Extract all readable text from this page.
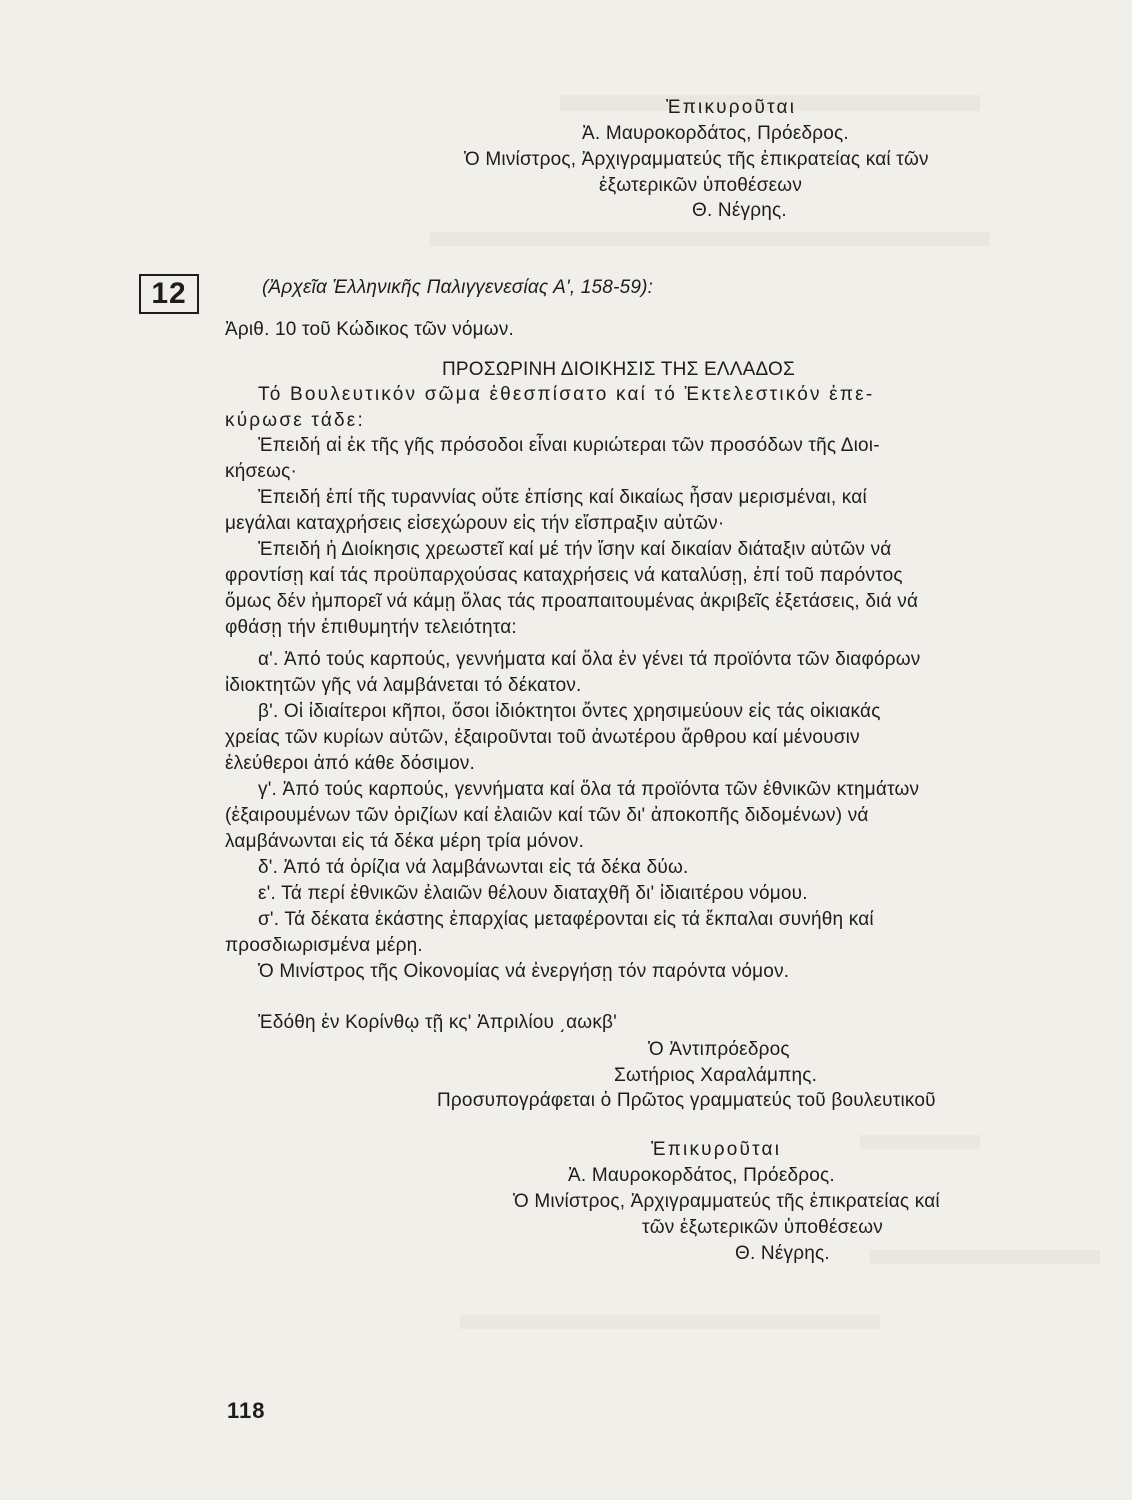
Ἐπικυροῦται
Ἀ. Μαυροκορδάτος, Πρόεδρος.
Ὁ Μινίστρος, Ἀρχιγραμματεύς τῆς ἐπικρατείας καί τῶν
ἐξωτερικῶν ὑποθέσεων
Θ. Νέγρης.
12	(Ἀρχεῖα Ἑλληνικῆς Παλιγγενεσίας Α', 158-59):
Ἀριθ. 10 τοῦ Κώδικος τῶν νόμων.
ΠΡΟΣΩΡΙΝΗ ΔΙΟΙΚΗΣΙΣ ΤΗΣ ΕΛΛΑΔΟΣ
Τό Βουλευτικόν σῶμα ἐθεσπίσατο καί τό Ἐκτελεστικόν ἐπε-
κύρωσε τάδε:
Ἐπειδή αἱ ἐκ τῆς γῆς πρόσοδοι εἶναι κυριώτεραι τῶν προσόδων τῆς Διοι-
κήσεως·
Ἐπειδή ἐπί τῆς τυραννίας οὔτε ἐπίσης καί δικαίως ἦσαν μερισμέναι, καί
μεγάλαι καταχρήσεις εἰσεχώρουν εἰς τήν εἴσπραξιν αὐτῶν·
Ἐπειδή ἡ Διοίκησις χρεωστεῖ καί μέ τήν ἴσην καί δικαίαν διάταξιν αὐτῶν νά
φροντίσῃ καί τάς προϋπαρχούσας καταχρήσεις νά καταλύσῃ, ἐπί τοῦ παρόντος
ὅμως δέν ἠμπορεῖ νά κάμῃ ὅλας τάς προαπαιτουμένας ἀκριβεῖς ἐξετάσεις, διά νά
φθάσῃ τήν ἐπιθυμητήν τελειότητα:
α'. Ἀπό τούς καρπούς, γεννήματα καί ὅλα ἐν γένει τά προϊόντα τῶν διαφόρων
ἰδιοκτητῶν γῆς νά λαμβάνεται τό δέκατον.
β'. Οἱ ἰδιαίτεροι κῆποι, ὅσοι ἰδιόκτητοι ὄντες χρησιμεύουν εἰς τάς οἰκιακάς
χρείας τῶν κυρίων αὐτῶν, ἐξαιροῦνται τοῦ ἀνωτέρου ἄρθρου καί μένουσιν
ἐλεύθεροι ἀπό κάθε δόσιμον.
γ'. Ἀπό τούς καρπούς, γεννήματα καί ὅλα τά προϊόντα τῶν ἐθνικῶν κτημάτων
(ἐξαιρουμένων τῶν ὀριζίων καί ἐλαιῶν καί τῶν δι' ἀποκοπῆς διδομένων) νά
λαμβάνωνται εἰς τά δέκα μέρη τρία μόνον.
δ'. Ἀπό τά ὀρίζια νά λαμβάνωνται εἰς τά δέκα δύω.
ε'. Τά περί ἐθνικῶν ἐλαιῶν θέλουν διαταχθῆ δι' ἰδιαιτέρου νόμου.
σ'. Τά δέκατα ἑκάστης ἐπαρχίας μεταφέρονται εἰς τά ἔκπαλαι συνήθη καί
προσδιωρισμένα μέρη.
Ὁ Μινίστρος τῆς Οἰκονομίας νά ἐνεργήσῃ τόν παρόντα νόμον.
Ἐδόθη ἐν Κορίνθῳ τῇ κς' Ἀπριλίου ͵αωκβ'
Ὁ Ἀντιπρόεδρος
Σωτήριος Χαραλάμπης.
Προσυπογράφεται ὁ Πρῶτος γραμματεύς τοῦ βουλευτικοῦ
Ἐπικυροῦται
Ἀ. Μαυροκορδάτος, Πρόεδρος.
Ὁ Μινίστρος, Ἀρχιγραμματεύς τῆς ἐπικρατείας καί
τῶν ἐξωτερικῶν ὑποθέσεων
Θ. Νέγρης.
118
